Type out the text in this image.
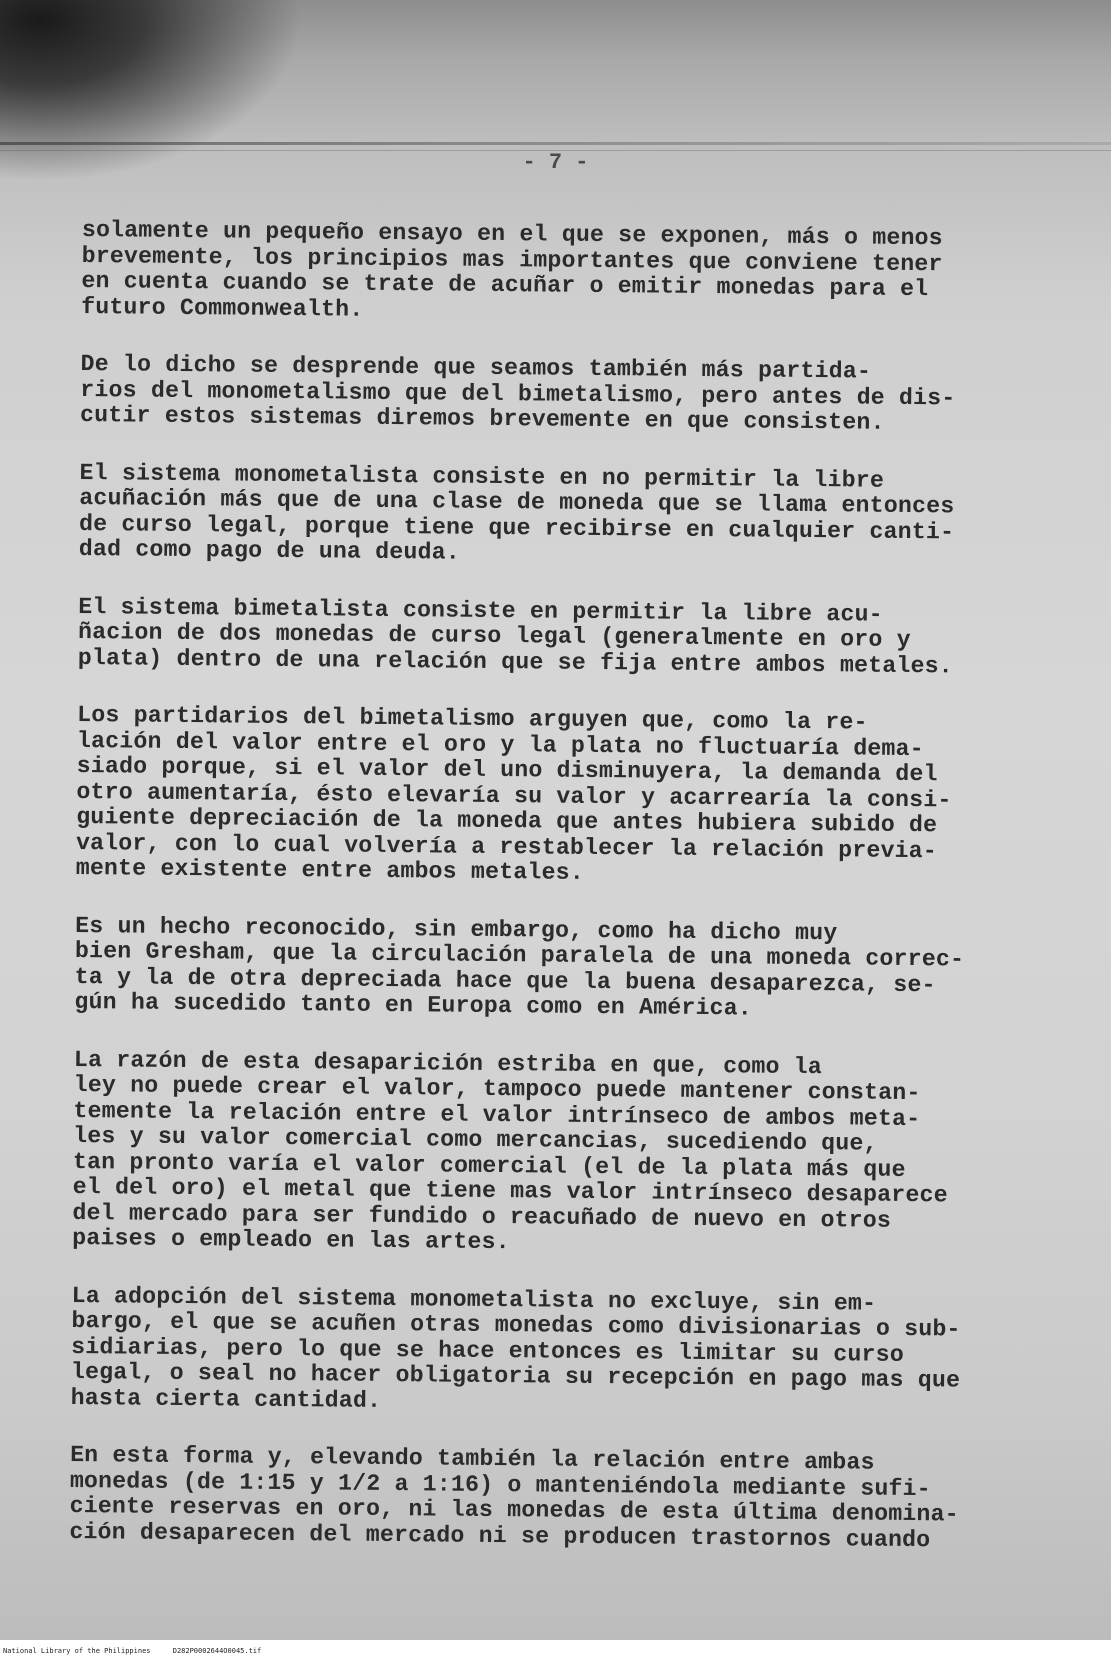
- 7 -

solamente un pequeño ensayo en el que se exponen, más o menos
brevemente, los principios mas importantes que conviene tener
en cuenta cuando se trate de acuñar o emitir monedas para el
futuro Commonwealth.

De lo dicho se desprende que seamos también más partida-
rios del monometalismo que del bimetalismo, pero antes de dis-
cutir estos sistemas diremos brevemente en que consisten.

El sistema monometalista consiste en no permitir la libre
acuñación más que de una clase de moneda que se llama entonces
de curso legal, porque tiene que recibirse en cualquier canti-
dad como pago de una deuda.

El sistema bimetalista consiste en permitir la libre acu-
ñacion de dos monedas de curso legal (generalmente en oro y
plata) dentro de una relación que se fija entre ambos metales.

Los partidarios del bimetalismo arguyen que, como la re-
lación del valor entre el oro y la plata no fluctuaría dema-
siado porque, si el valor del uno disminuyera, la demanda del
otro aumentaría, ésto elevaría su valor y acarrearía la consi-
guiente depreciación de la moneda que antes hubiera subido de
valor, con lo cual volvería a restablecer la relación previa-
mente existente entre ambos metales.

Es un hecho reconocido, sin embargo, como ha dicho muy
bien Gresham, que la circulación paralela de una moneda correc-
ta y la de otra depreciada hace que la buena desaparezca, se-
gún ha sucedido tanto en Europa como en América.

La razón de esta desaparición estriba en que, como la
ley no puede crear el valor, tampoco puede mantener constan-
temente la relación entre el valor intrínseco de ambos meta-
les y su valor comercial como mercancias, sucediendo que,
tan pronto varía el valor comercial (el de la plata más que
el del oro) el metal que tiene mas valor intrínseco desaparece
del mercado para ser fundido o reacuñado de nuevo en otros
paises o empleado en las artes.

La adopción del sistema monometalista no excluye, sin em-
bargo, el que se acuñen otras monedas como divisionarias o sub-
sidiarias, pero lo que se hace entonces es limitar su curso
legal, o seal no hacer obligatoria su recepción en pago mas que
hasta cierta cantidad.

En esta forma y, elevando también la relación entre ambas
monedas (de 1:15 y 1/2 a 1:16) o manteniéndola mediante sufi-
ciente reservas en oro, ni las monedas de esta última denomina-
ción desaparecen del mercado ni se producen trastornos cuando

National Library of the Philippines	D282P0002644O0045.tif
